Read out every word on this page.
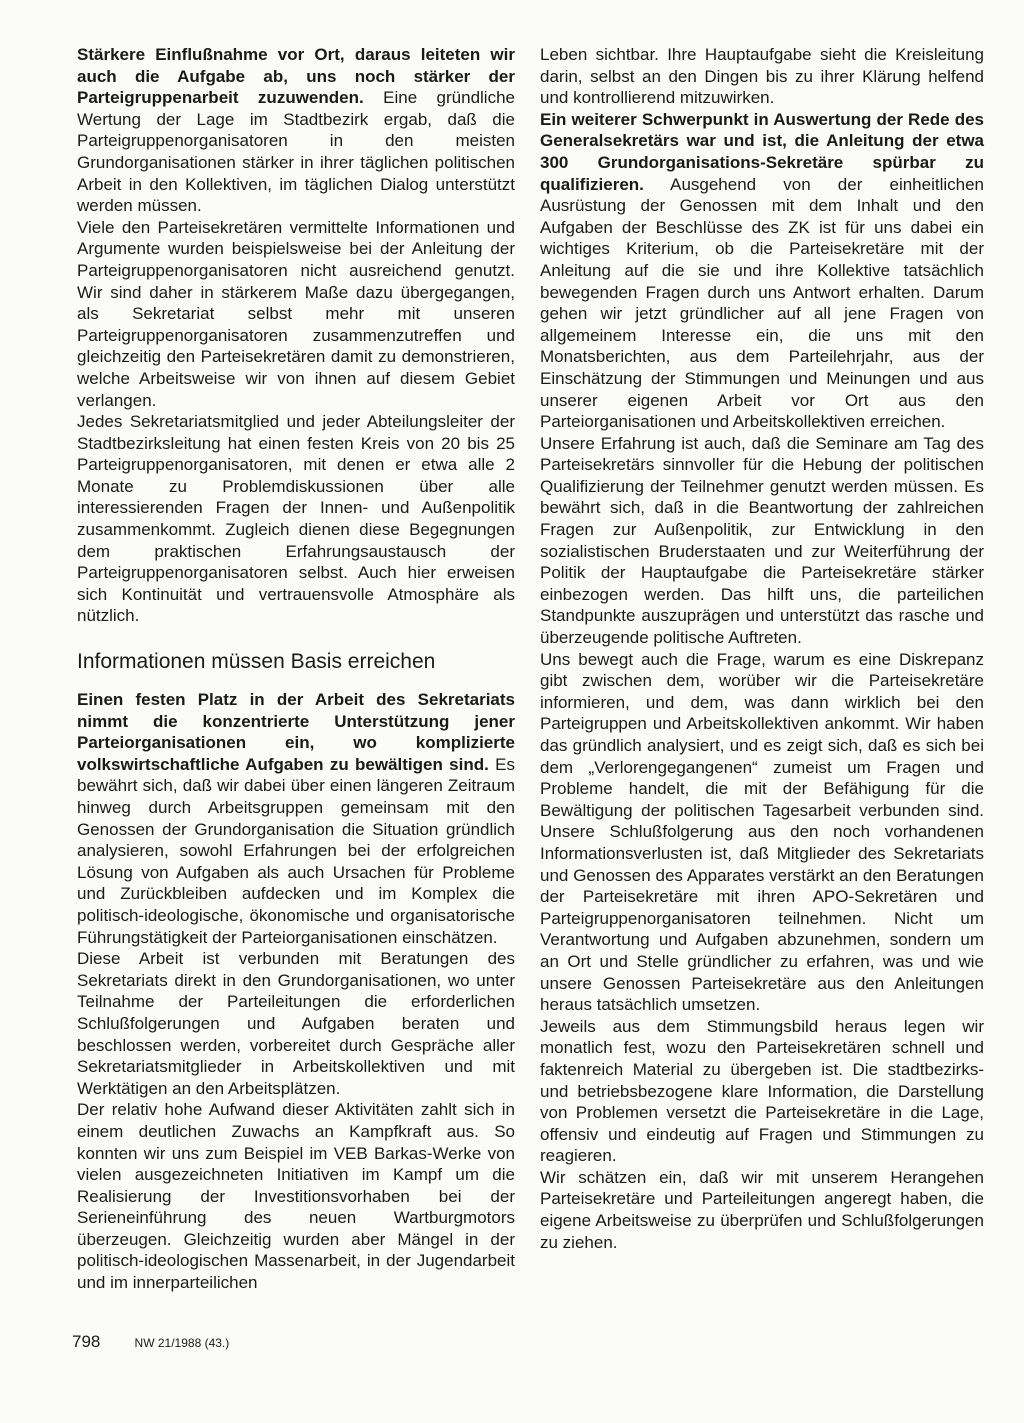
Stärkere Einflußnahme vor Ort, daraus leiteten wir auch die Aufgabe ab, uns noch stärker der Parteigruppenarbeit zuzuwenden. Eine gründliche Wertung der Lage im Stadtbezirk ergab, daß die Parteigruppenorganisatoren in den meisten Grundorganisationen stärker in ihrer täglichen politischen Arbeit in den Kollektiven, im täglichen Dialog unterstützt werden müssen.

Viele den Parteisekretären vermittelte Informationen und Argumente wurden beispielsweise bei der Anleitung der Parteigruppenorganisatoren nicht ausreichend genutzt. Wir sind daher in stärkerem Maße dazu übergegangen, als Sekretariat selbst mehr mit unseren Parteigruppenorganisatoren zusammenzutreffen und gleichzeitig den Parteisekretären damit zu demonstrieren, welche Arbeitsweise wir von ihnen auf diesem Gebiet verlangen.

Jedes Sekretariatsmitglied und jeder Abteilungsleiter der Stadtbezirksleitung hat einen festen Kreis von 20 bis 25 Parteigruppenorganisatoren, mit denen er etwa alle 2 Monate zu Problemdiskussionen über alle interessierenden Fragen der Innen- und Außenpolitik zusammenkommt. Zugleich dienen diese Begegnungen dem praktischen Erfahrungsaustausch der Parteigruppenorganisatoren selbst. Auch hier erweisen sich Kontinuität und vertrauensvolle Atmosphäre als nützlich.

Informationen müssen Basis erreichen

Einen festen Platz in der Arbeit des Sekretariats nimmt die konzentrierte Unterstützung jener Parteiorganisationen ein, wo komplizierte volkswirtschaftliche Aufgaben zu bewältigen sind. Es bewährt sich, daß wir dabei über einen längeren Zeitraum hinweg durch Arbeitsgruppen gemeinsam mit den Genossen der Grundorganisation die Situation gründlich analysieren, sowohl Erfahrungen bei der erfolgreichen Lösung von Aufgaben als auch Ursachen für Probleme und Zurückbleiben aufdecken und im Komplex die politisch-ideologische, ökonomische und organisatorische Führungstätigkeit der Parteiorganisationen einschätzen.

Diese Arbeit ist verbunden mit Beratungen des Sekretariats direkt in den Grundorganisationen, wo unter Teilnahme der Parteileitungen die erforderlichen Schlußfolgerungen und Aufgaben beraten und beschlossen werden, vorbereitet durch Gespräche aller Sekretariatsmitglieder in Arbeitskollektiven und mit Werktätigen an den Arbeitsplätzen.

Der relativ hohe Aufwand dieser Aktivitäten zahlt sich in einem deutlichen Zuwachs an Kampfkraft aus. So konnten wir uns zum Beispiel im VEB Barkas-Werke von vielen ausgezeichneten Initiativen im Kampf um die Realisierung der Investitionsvorhaben bei der Serieneinführung des neuen Wartburgmotors überzeugen. Gleichzeitig wurden aber Mängel in der politisch-ideologischen Massenarbeit, in der Jugendarbeit und im innerparteilichen

Leben sichtbar. Ihre Hauptaufgabe sieht die Kreisleitung darin, selbst an den Dingen bis zu ihrer Klärung helfend und kontrollierend mitzuwirken.

Ein weiterer Schwerpunkt in Auswertung der Rede des Generalsekretärs war und ist, die Anleitung der etwa 300 Grundorganisations-Sekretäre spürbar zu qualifizieren. Ausgehend von der einheitlichen Ausrüstung der Genossen mit dem Inhalt und den Aufgaben der Beschlüsse des ZK ist für uns dabei ein wichtiges Kriterium, ob die Parteisekretäre mit der Anleitung auf die sie und ihre Kollektive tatsächlich bewegenden Fragen durch uns Antwort erhalten. Darum gehen wir jetzt gründlicher auf all jene Fragen von allgemeinem Interesse ein, die uns mit den Monatsberichten, aus dem Parteilehrjahr, aus der Einschätzung der Stimmungen und Meinungen und aus unserer eigenen Arbeit vor Ort aus den Parteiorganisationen und Arbeitskollektiven erreichen.

Unsere Erfahrung ist auch, daß die Seminare am Tag des Parteisekretärs sinnvoller für die Hebung der politischen Qualifizierung der Teilnehmer genutzt werden müssen. Es bewährt sich, daß in die Beantwortung der zahlreichen Fragen zur Außenpolitik, zur Entwicklung in den sozialistischen Bruderstaaten und zur Weiterführung der Politik der Hauptaufgabe die Parteisekretäre stärker einbezogen werden. Das hilft uns, die parteilichen Standpunkte auszuprägen und unterstützt das rasche und überzeugende politische Auftreten.

Uns bewegt auch die Frage, warum es eine Diskrepanz gibt zwischen dem, worüber wir die Parteisekretäre informieren, und dem, was dann wirklich bei den Parteigruppen und Arbeitskollektiven ankommt. Wir haben das gründlich analysiert, und es zeigt sich, daß es sich bei dem „Verlorengegangenen“ zumeist um Fragen und Probleme handelt, die mit der Befähigung für die Bewältigung der politischen Tagesarbeit verbunden sind. Unsere Schlußfolgerung aus den noch vorhandenen Informationsverlusten ist, daß Mitglieder des Sekretariats und Genossen des Apparates verstärkt an den Beratungen der Parteisekretäre mit ihren APO-Sekretären und Parteigruppenorganisatoren teilnehmen. Nicht um Verantwortung und Aufgaben abzunehmen, sondern um an Ort und Stelle gründlicher zu erfahren, was und wie unsere Genossen Parteisekretäre aus den Anleitungen heraus tatsächlich umsetzen.

Jeweils aus dem Stimmungsbild heraus legen wir monatlich fest, wozu den Parteisekretären schnell und faktenreich Material zu übergeben ist. Die stadtbezirks- und betriebsbezogene klare Information, die Darstellung von Problemen versetzt die Parteisekretäre in die Lage, offensiv und eindeutig auf Fragen und Stimmungen zu reagieren.

Wir schätzen ein, daß wir mit unserem Herangehen Parteisekretäre und Parteileitungen angeregt haben, die eigene Arbeitsweise zu überprüfen und Schlußfolgerungen zu ziehen.

798	NW 21/1988 (43.)
